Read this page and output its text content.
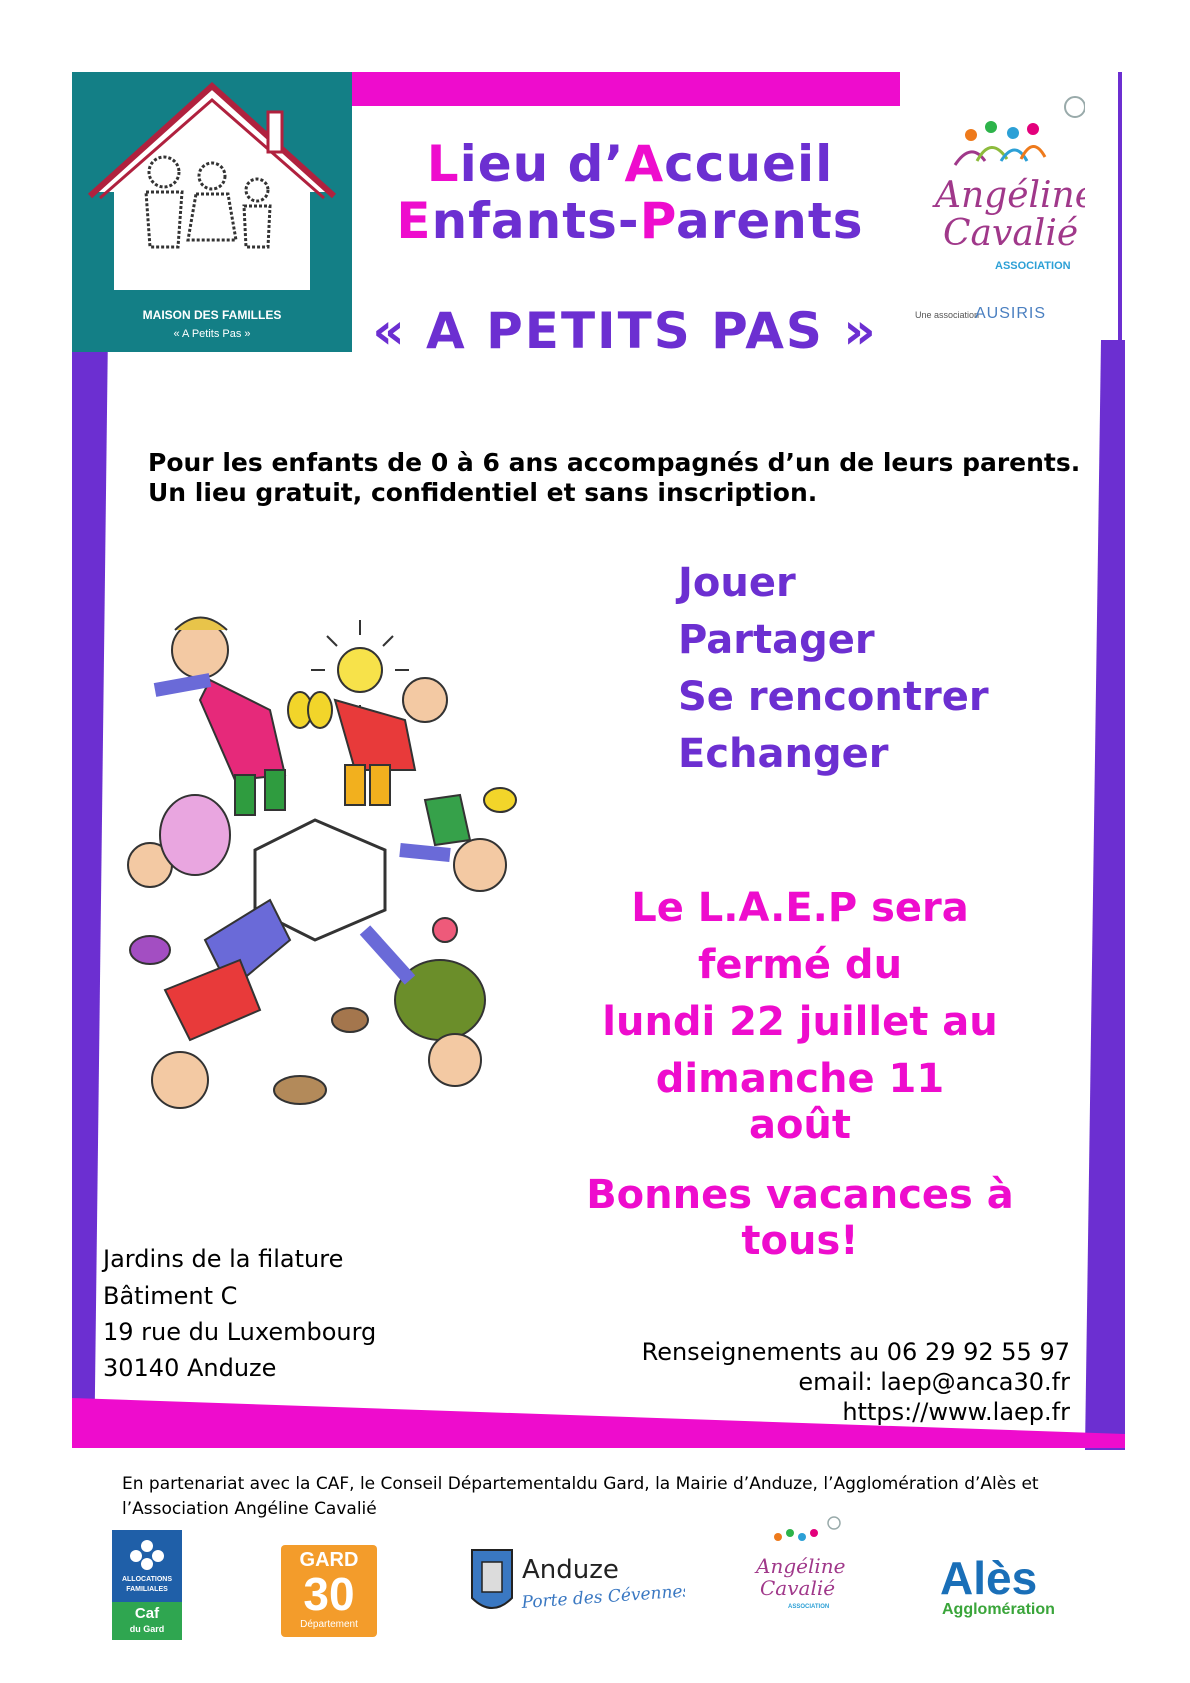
MAISON DES FAMILLES
« A Petits Pas »
Lieu d’Accueil
Enfants-Parents
« A PETITS PAS »
Angéline
Cavalié
ASSOCIATION
Une association
AUSIRIS
Pour les enfants de 0 à 6 ans accompagnés d’un de leurs parents.
Un lieu gratuit, confidentiel et sans inscription.
Jouer
Partager
Se rencontrer
Echanger
Le L.A.E.P sera
fermé du
lundi 22 juillet au
dimanche 11 août
Bonnes vacances à tous!
Jardins de la filature
Bâtiment C
19 rue du Luxembourg
30140 Anduze
Renseignements au 06 29 92 55 97
email: laep@anca30.fr
https://www.laep.fr
En partenariat avec la CAF, le Conseil Départementaldu Gard, la Mairie d’Anduze, l’Agglomération d’Alès et
l’Association Angéline Cavalié
ALLOCATIONS
FAMILIALES
Caf
du Gard
GARD
30
Département
Anduze
Porte des Cévennes
Angéline
Cavalié
ASSOCIATION
Alès
Agglomération
